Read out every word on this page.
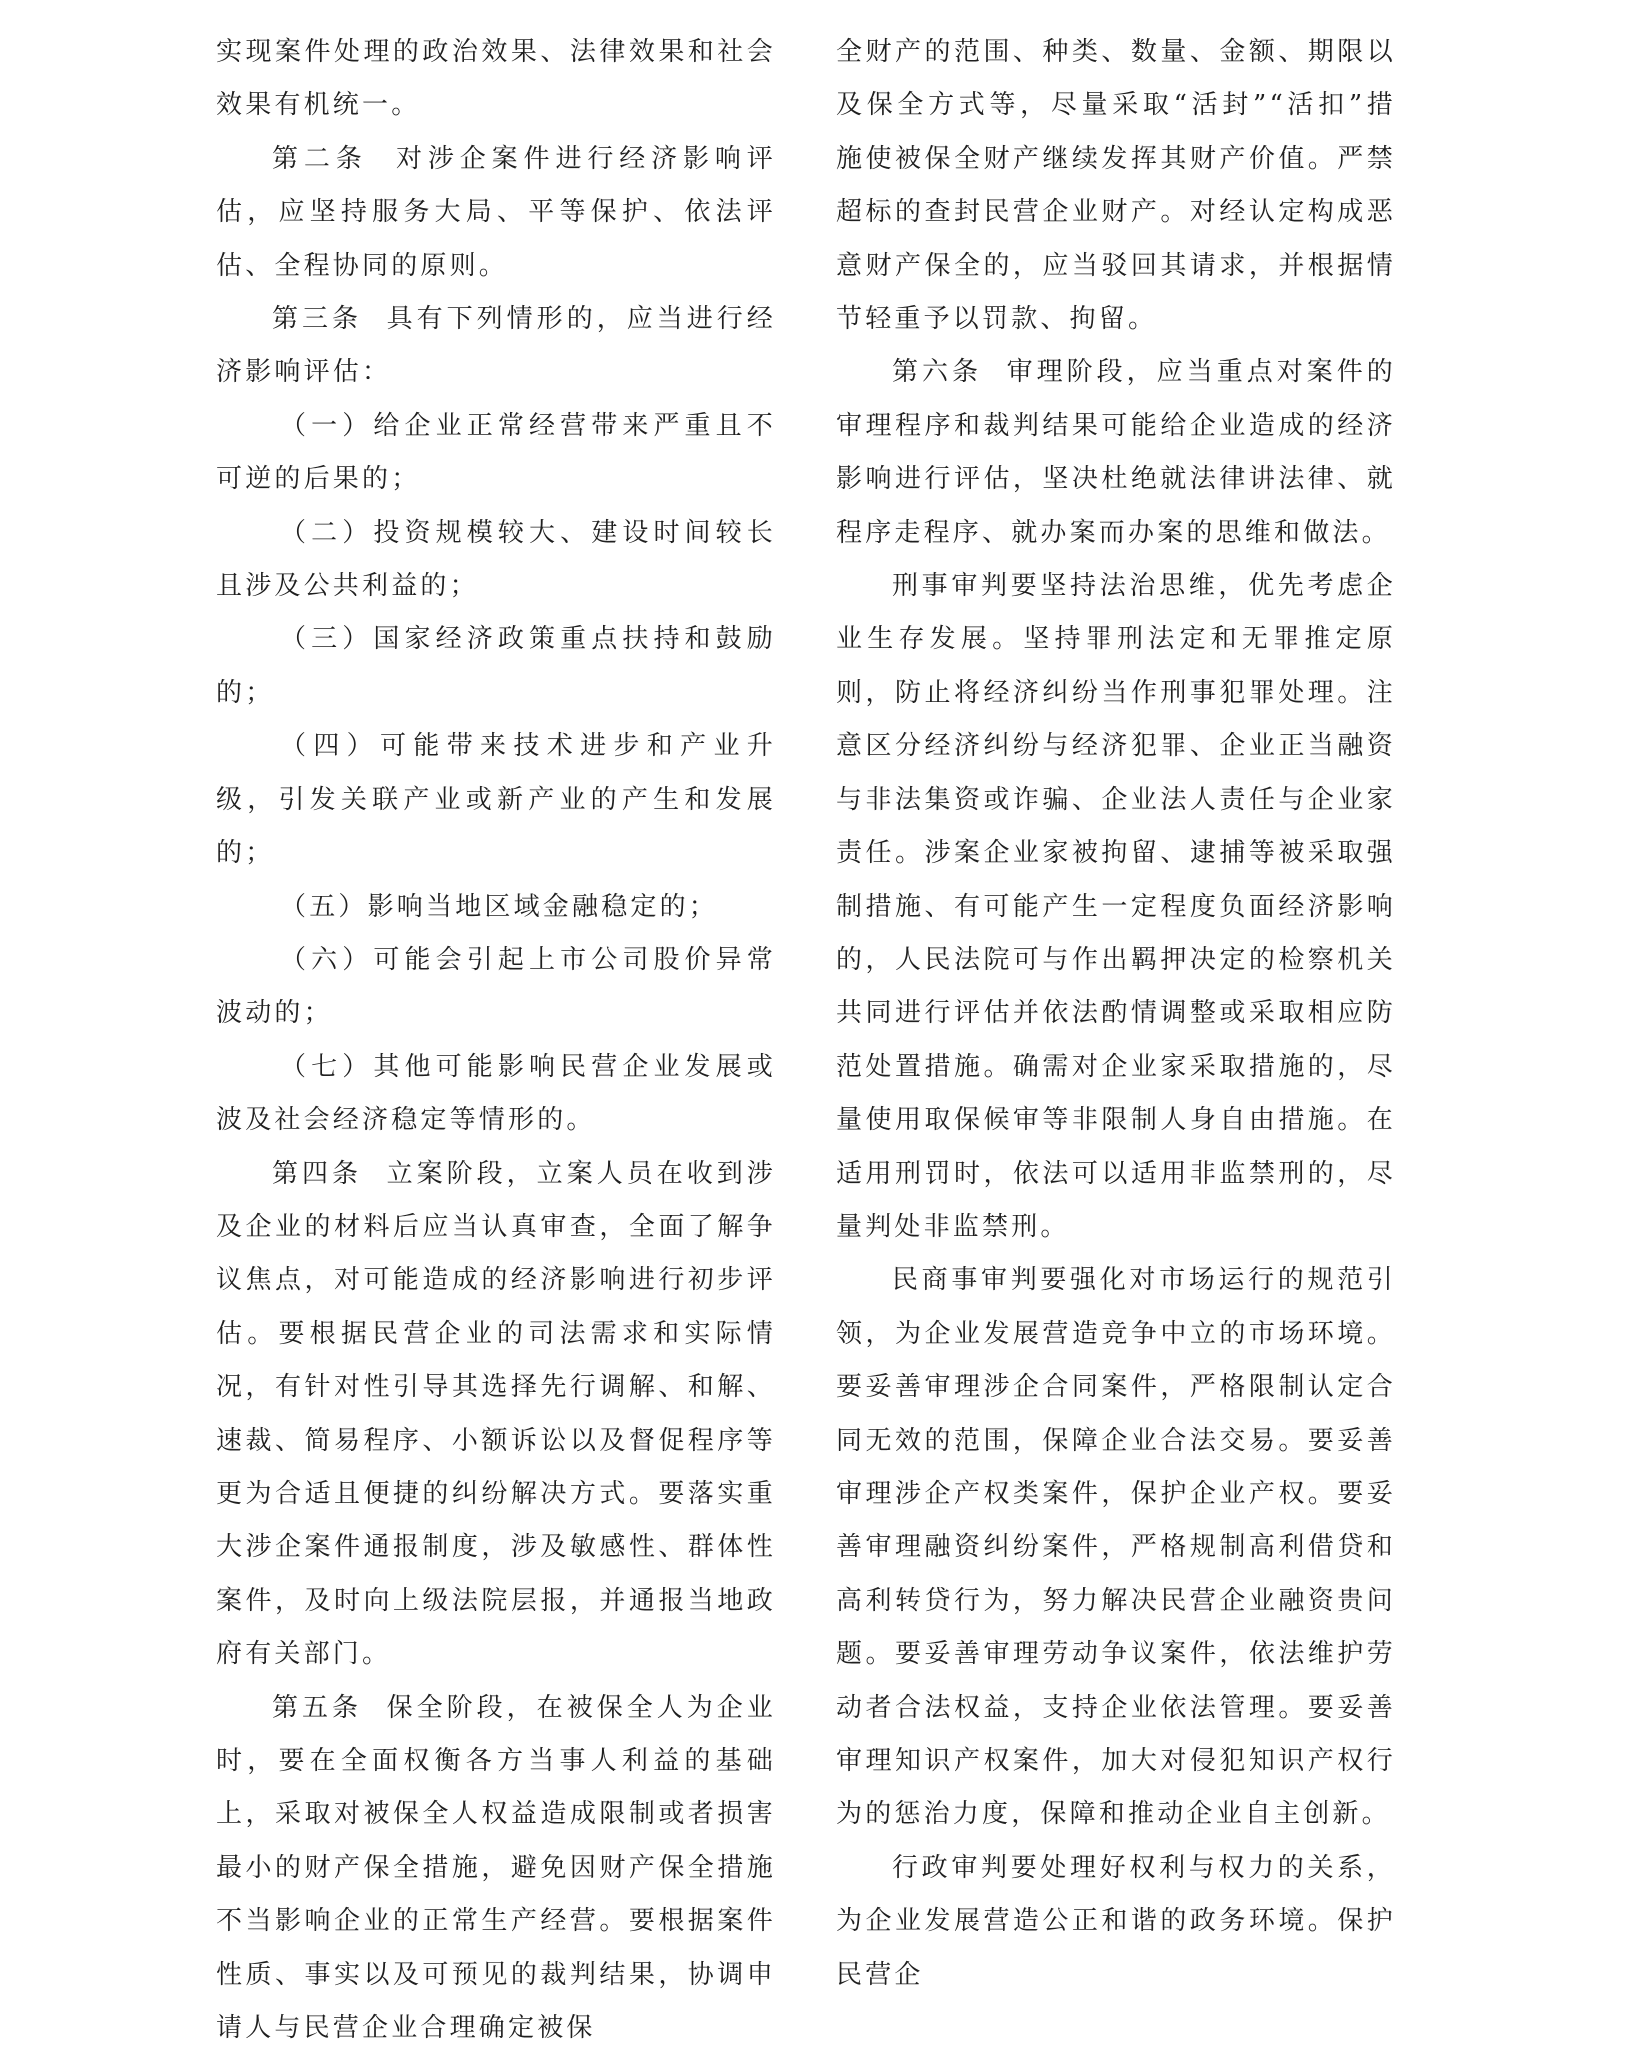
实现案件处理的政治效果、法律效果和社会效果有机统一。

第二条  对涉企案件进行经济影响评估，应坚持服务大局、平等保护、依法评估、全程协同的原则。

第三条  具有下列情形的，应当进行经济影响评估：

（一）给企业正常经营带来严重且不可逆的后果的；

（二）投资规模较大、建设时间较长且涉及公共利益的；

（三）国家经济政策重点扶持和鼓励的；

（四）可能带来技术进步和产业升级，引发关联产业或新产业的产生和发展的；

（五）影响当地区域金融稳定的；

（六）可能会引起上市公司股价异常波动的；

（七）其他可能影响民营企业发展或波及社会经济稳定等情形的。

第四条  立案阶段，立案人员在收到涉及企业的材料后应当认真审查，全面了解争议焦点，对可能造成的经济影响进行初步评估。要根据民营企业的司法需求和实际情况，有针对性引导其选择先行调解、和解、速裁、简易程序、小额诉讼以及督促程序等更为合适且便捷的纠纷解决方式。要落实重大涉企案件通报制度，涉及敏感性、群体性案件，及时向上级法院层报，并通报当地政府有关部门。

第五条  保全阶段，在被保全人为企业时，要在全面权衡各方当事人利益的基础上，采取对被保全人权益造成限制或者损害最小的财产保全措施，避免因财产保全措施不当影响企业的正常生产经营。要根据案件性质、事实以及可预见的裁判结果，协调申请人与民营企业合理确定被保

全财产的范围、种类、数量、金额、期限以及保全方式等，尽量采取“活封”“活扣”措施使被保全财产继续发挥其财产价值。严禁超标的查封民营企业财产。对经认定构成恶意财产保全的，应当驳回其请求，并根据情节轻重予以罚款、拘留。

第六条  审理阶段，应当重点对案件的审理程序和裁判结果可能给企业造成的经济影响进行评估，坚决杜绝就法律讲法律、就程序走程序、就办案而办案的思维和做法。

刑事审判要坚持法治思维，优先考虑企业生存发展。坚持罪刑法定和无罪推定原则，防止将经济纠纷当作刑事犯罪处理。注意区分经济纠纷与经济犯罪、企业正当融资与非法集资或诈骗、企业法人责任与企业家责任。涉案企业家被拘留、逮捕等被采取强制措施、有可能产生一定程度负面经济影响的，人民法院可与作出羁押决定的检察机关共同进行评估并依法酌情调整或采取相应防范处置措施。确需对企业家采取措施的，尽量使用取保候审等非限制人身自由措施。在适用刑罚时，依法可以适用非监禁刑的，尽量判处非监禁刑。

民商事审判要强化对市场运行的规范引领，为企业发展营造竞争中立的市场环境。要妥善审理涉企合同案件，严格限制认定合同无效的范围，保障企业合法交易。要妥善审理涉企产权类案件，保护企业产权。要妥善审理融资纠纷案件，严格规制高利借贷和高利转贷行为，努力解决民营企业融资贵问题。要妥善审理劳动争议案件，依法维护劳动者合法权益，支持企业依法管理。要妥善审理知识产权案件，加大对侵犯知识产权行为的惩治力度，保障和推动企业自主创新。

行政审判要处理好权利与权力的关系，为企业发展营造公正和谐的政务环境。保护民营企
